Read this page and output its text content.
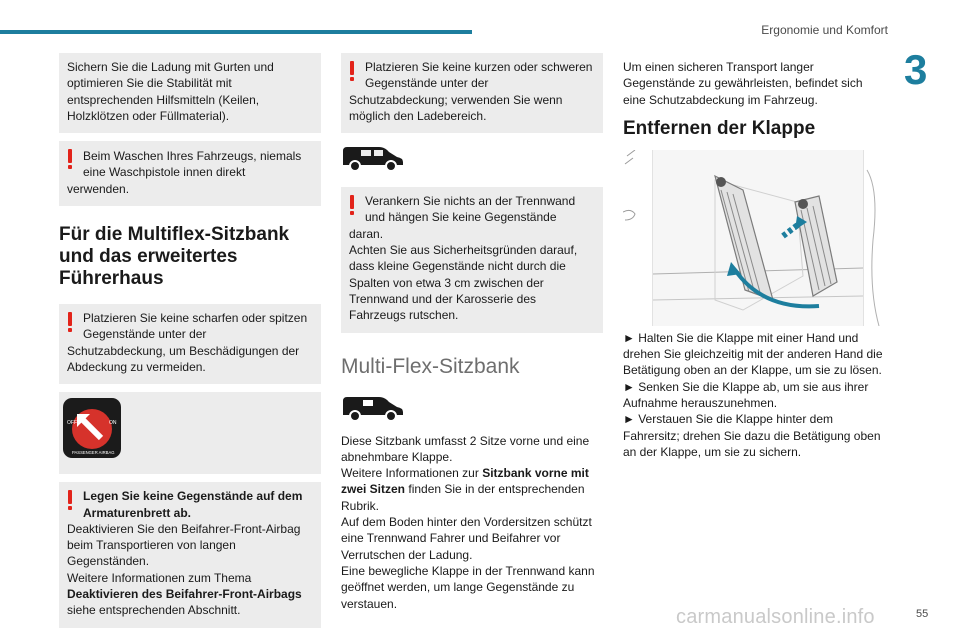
Ergonomie und Komfort
3
Sichern Sie die Ladung mit Gurten und optimieren Sie die Stabilität mit entsprechenden Hilfsmitteln (Keilen, Holzklötzen oder Füllmaterial).
Beim Waschen Ihres Fahrzeugs, niemals eine Waschpistole innen direkt
verwenden.
Für die Multiflex-Sitzbank und das erweitertes Führerhaus
Platzieren Sie keine scharfen oder spitzen Gegenstände unter der
Schutzabdeckung, um Beschädigungen der Abdeckung zu vermeiden.
OFF	ON
PASSENGER AIRBAG
Legen Sie keine Gegenstände auf dem Armaturenbrett ab.
Deaktivieren Sie den Beifahrer-Front-Airbag beim Transportieren von langen Gegenständen.
Weitere Informationen zum Thema
Deaktivieren des Beifahrer-Front-Airbags
siehe entsprechenden Abschnitt.
Platzieren Sie keine kurzen oder schweren Gegenstände unter der
Schutzabdeckung; verwenden Sie wenn möglich den Ladebereich.
Verankern Sie nichts an der Trennwand und hängen Sie keine Gegenstände
daran.
Achten Sie aus Sicherheitsgründen darauf, dass kleine Gegenstände nicht durch die Spalten von etwa 3 cm zwischen der Trennwand und der Karosserie des Fahrzeugs rutschen.
Multi-Flex-Sitzbank
Diese Sitzbank umfasst 2 Sitze vorne und eine abnehmbare Klappe.
Weitere Informationen zur Sitzbank vorne mit zwei Sitzen finden Sie in der entsprechenden Rubrik.
Auf dem Boden hinter den Vordersitzen schützt eine Trennwand Fahrer und Beifahrer vor Verrutschen der Ladung.
Eine bewegliche Klappe in der Trennwand kann geöffnet werden, um lange Gegenstände zu verstauen.
Um einen sicheren Transport langer Gegenstände zu gewährleisten, befindet sich eine Schutzabdeckung im Fahrzeug.
Entfernen der Klappe
► Halten Sie die Klappe mit einer Hand und drehen Sie gleichzeitig mit der anderen Hand die Betätigung oben an der Klappe, um sie zu lösen.
► Senken Sie die Klappe ab, um sie aus ihrer Aufnahme herauszunehmen.
► Verstauen Sie die Klappe hinter dem Fahrersitz; drehen Sie dazu die Betätigung oben an der Klappe, um sie zu sichern.
carmanualsonline.info	55
